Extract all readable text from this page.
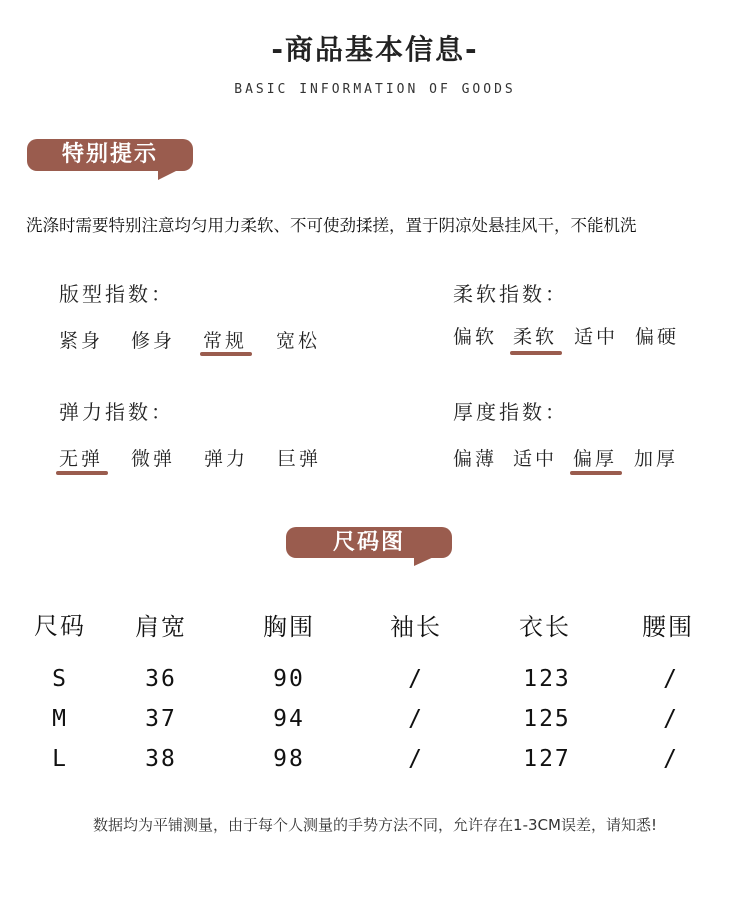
-商品基本信息-
BASIC INFORMATION OF GOODS
特别提示
洗涤时需要特别注意均匀用力柔软、不可使劲揉搓，置于阴凉处悬挂风干，不能机洗
版型指数：
紧身 修身 常规 宽松
柔软指数：
偏软 柔软 适中 偏硬
弹力指数：
无弹 微弹 弹力 巨弹
厚度指数：
偏薄 适中 偏厚 加厚
尺码图
尺码	肩宽	胸围	袖长	衣长	腰围
S	36	90	/	123	/
M	37	94	/	125	/
L	38	98	/	127	/
数据均为平铺测量，由于每个人测量的手势方法不同，允许存在1-3CM误差，请知悉!
